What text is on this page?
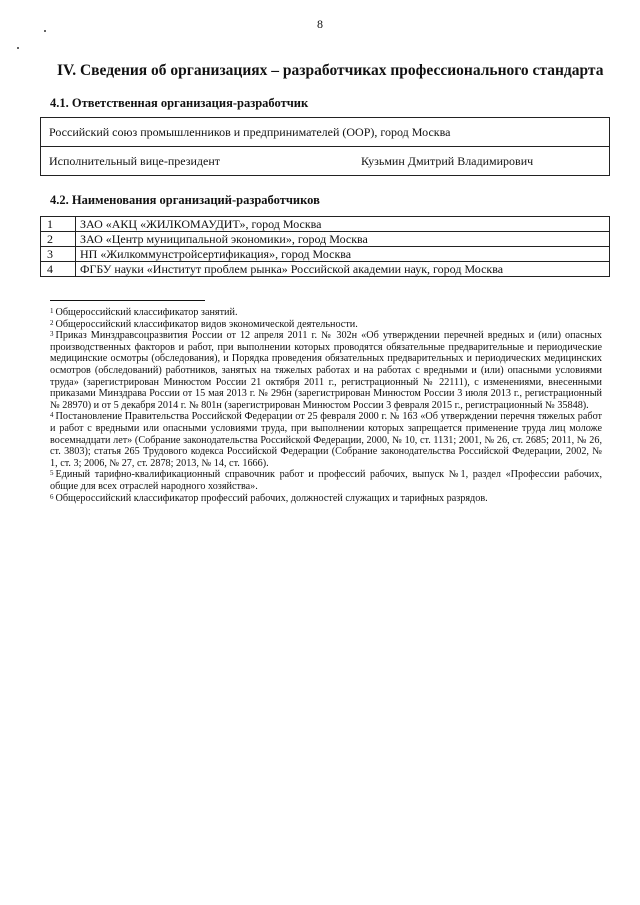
8
IV. Сведения об организациях – разработчиках профессионального стандарта
4.1. Ответственная организация-разработчик
Российский союз промышленников и предпринимателей (ООР), город Москва
Исполнительный вице-президент	Кузьмин Дмитрий Владимирович
4.2. Наименования организаций-разработчиков
1	ЗАО «АКЦ «ЖИЛКОМАУДИТ», город Москва
2	ЗАО «Центр муниципальной экономики», город Москва
3	НП «Жилкоммунстройсертификация», город Москва
4	ФГБУ науки «Институт проблем рынка» Российской академии наук, город Москва

$^1$ Общероссийский классификатор занятий.

$^2$ Общероссийский классификатор видов экономической деятельности.

$^3$ Приказ Минздравсоцразвития России от 12 апреля 2011 г. № 302н «Об утверждении перечней вредных и (или) опасных производственных факторов и работ, при выполнении которых проводятся обязательные предварительные и периодические медицинские осмотры (обследования), и Порядка проведения обязательных предварительных и периодических медицинских осмотров (обследований) работников, занятых на тяжелых работах и на работах с вредными и (или) опасными условиями труда» (зарегистрирован Минюстом России 21 октября 2011 г., регистрационный № 22111), с изменениями, внесенными приказами Минздрава России от 15 мая 2013 г. № 296н (зарегистрирован Минюстом России 3 июля 2013 г., регистрационный № 28970) и от 5 декабря 2014 г. № 801н (зарегистрирован Минюстом России 3 февраля 2015 г., регистрационный № 35848).

$^4$ Постановление Правительства Российской Федерации от 25 февраля 2000 г. № 163 «Об утверждении перечня тяжелых работ и работ с вредными или опасными условиями труда, при выполнении которых запрещается применение труда лиц моложе восемнадцати лет» (Собрание законодательства Российской Федерации, 2000, № 10, ст. 1131; 2001, № 26, ст. 2685; 2011, № 26, ст. 3803); статья 265 Трудового кодекса Российской Федерации (Собрание законодательства Российской Федерации, 2002, № 1, ст. 3; 2006, № 27, ст. 2878; 2013, № 14, ст. 1666).

$^5$ Единый тарифно-квалификационный справочник работ и профессий рабочих, выпуск №1, раздел «Профессии рабочих, общие для всех отраслей народного хозяйства».

$^6$ Общероссийский классификатор профессий рабочих, должностей служащих и тарифных разрядов.
